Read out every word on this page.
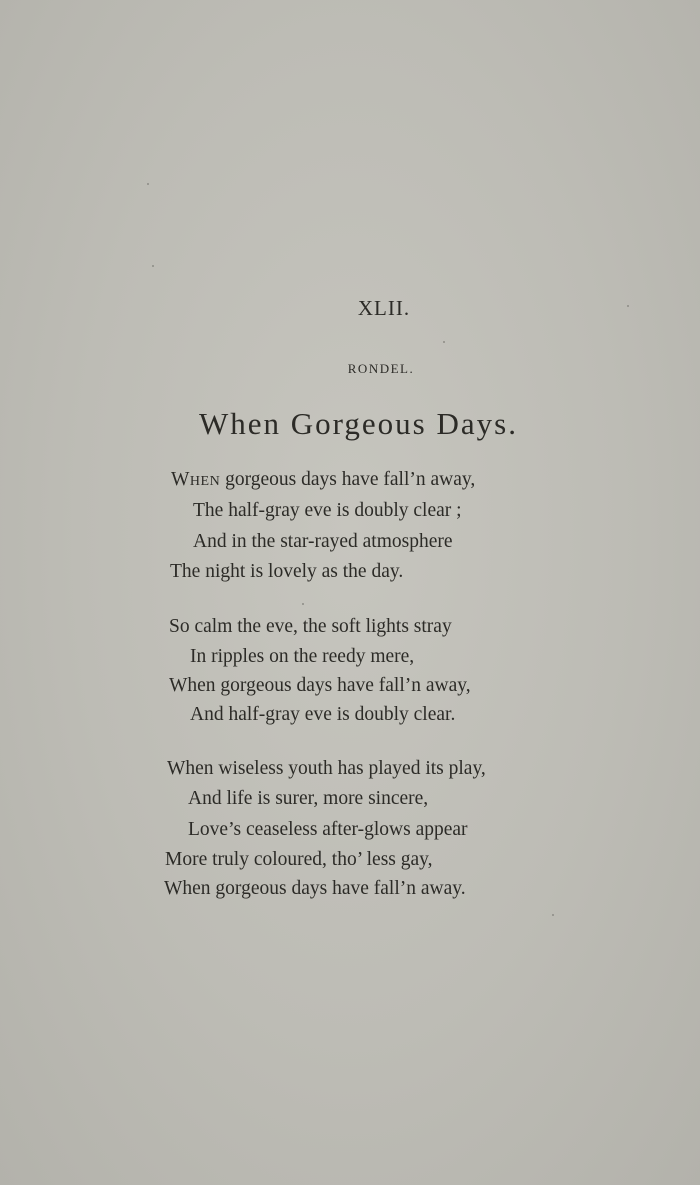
XLII.
RONDEL.
When Gorgeous Days.
When gorgeous days have fall’n away,
The half-gray eve is doubly clear ;
And in the star-rayed atmosphere
The night is lovely as the day.
So calm the eve, the soft lights stray
In ripples on the reedy mere,
When gorgeous days have fall’n away,
And half-gray eve is doubly clear.
When wiseless youth has played its play,
And life is surer, more sincere,
Love’s ceaseless after-glows appear
More truly coloured, tho’ less gay,
When gorgeous days have fall’n away.
